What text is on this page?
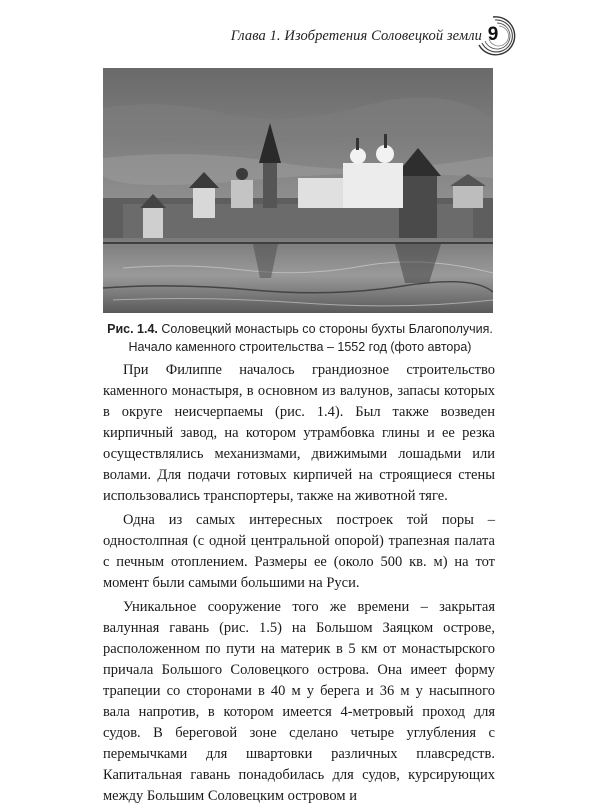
Глава 1. Изобретения Соловецкой земли 9
Рис. 1.4. Соловецкий монастырь со стороны бухты Благополучия.
Начало каменного строительства – 1552 год (фото автора)

При Филиппе началось грандиозное строительство каменного монастыря, в основном из валунов, запасы которых в округе неисчерпаемы (рис. 1.4). Был также возведен кирпичный завод, на котором утрамбовка глины и ее резка осуществлялись механизмами, движимыми лошадьми или волами. Для подачи готовых кирпичей на строящиеся стены использовались транспортеры, также на животной тяге.

Одна из самых интересных построек той поры – одностолпная (с одной центральной опорой) трапезная палата с печным отоплением. Размеры ее (около 500 кв. м) на тот момент были самыми большими на Руси.

Уникальное сооружение того же времени – закрытая валунная гавань (рис. 1.5) на Большом Заяцком острове, расположенном по пути на материк в 5 км от монастырского причала Большого Соловецкого острова. Она имеет форму трапеции со сторонами в 40 м у берега и 36 м у насыпного вала напротив, в котором имеется 4-метровый проход для судов. В береговой зоне сделано четыре углубления с перемычками для швартовки различных плавсредств. Капитальная гавань понадобилась для судов, курсирующих между Большим Соловецким островом и
